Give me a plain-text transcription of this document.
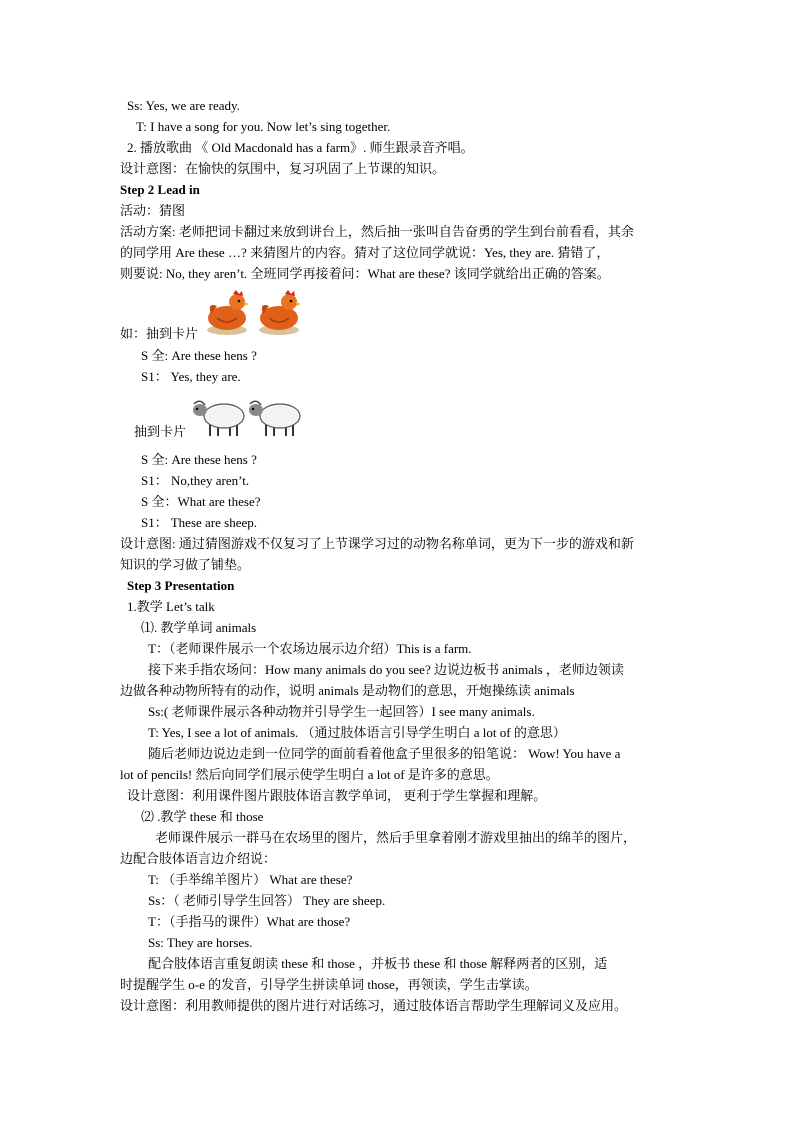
Ss: Yes, we are ready.
T: I have a song for you. Now let’s sing together.
2. 播放歌曲 《 Old Macdonald has a farm》. 师生跟录音齐唱。
设计意图：在愉快的氛围中，复习巩固了上节课的知识。
Step 2 Lead in
活动：猜图
活动方案: 老师把词卡翻过来放到讲台上，然后抽一张叫自告奋勇的学生到台前看看，其余
的同学用 Are these …? 来猜图片的内容。猜对了这位同学就说：Yes, they are. 猜错了，
则要说: No, they aren’t. 全班同学再接着问：What are these? 该同学就给出正确的答案。
如：抽到卡片
S 全: Are these hens ?
S1： Yes, they are.
抽到卡片
S 全: Are these hens ?
S1： No,they aren’t.
S 全：What are these?
S1： These are sheep.
设计意图: 通过猜图游戏不仅复习了上节课学习过的动物名称单词，更为下一步的游戏和新
知识的学习做了铺垫。
Step 3 Presentation
1.教学 Let’s talk
⑴. 教学单词 animals
T：（老师课件展示一个农场边展示边介绍）This is a farm.
接下来手指农场问：How many animals do you see? 边说边板书 animals ，老师边领读
边做各种动物所特有的动作，说明 animals 是动物们的意思，开炮操练读 animals
Ss:( 老师课件展示各种动物并引导学生一起回答）I see many animals.
T: Yes, I see a lot of animals. （通过肢体语言引导学生明白 a lot of 的意思）
随后老师边说边走到一位同学的面前看着他盒子里很多的铅笔说： Wow! You have a
lot of pencils! 然后向同学们展示使学生明白 a lot of 是许多的意思。
设计意图：利用课件图片跟肢体语言教学单词， 更利于学生掌握和理解。
⑵ .教学 these 和 those
老师课件展示一群马在农场里的图片，然后手里拿着刚才游戏里抽出的绵羊的图片，
边配合肢体语言边介绍说：
T: （手举绵羊图片） What are these?
Ss：（ 老师引导学生回答） They are sheep.
T：（手指马的课件）What are those?
Ss: They are horses.
配合肢体语言重复朗读 these 和 those ，并板书 these 和 those 解释两者的区别，适
时提醒学生 o-e 的发音，引导学生拼读单词 those，再领读，学生击掌读。
设计意图：利用教师提供的图片进行对话练习，通过肢体语言帮助学生理解词义及应用。
